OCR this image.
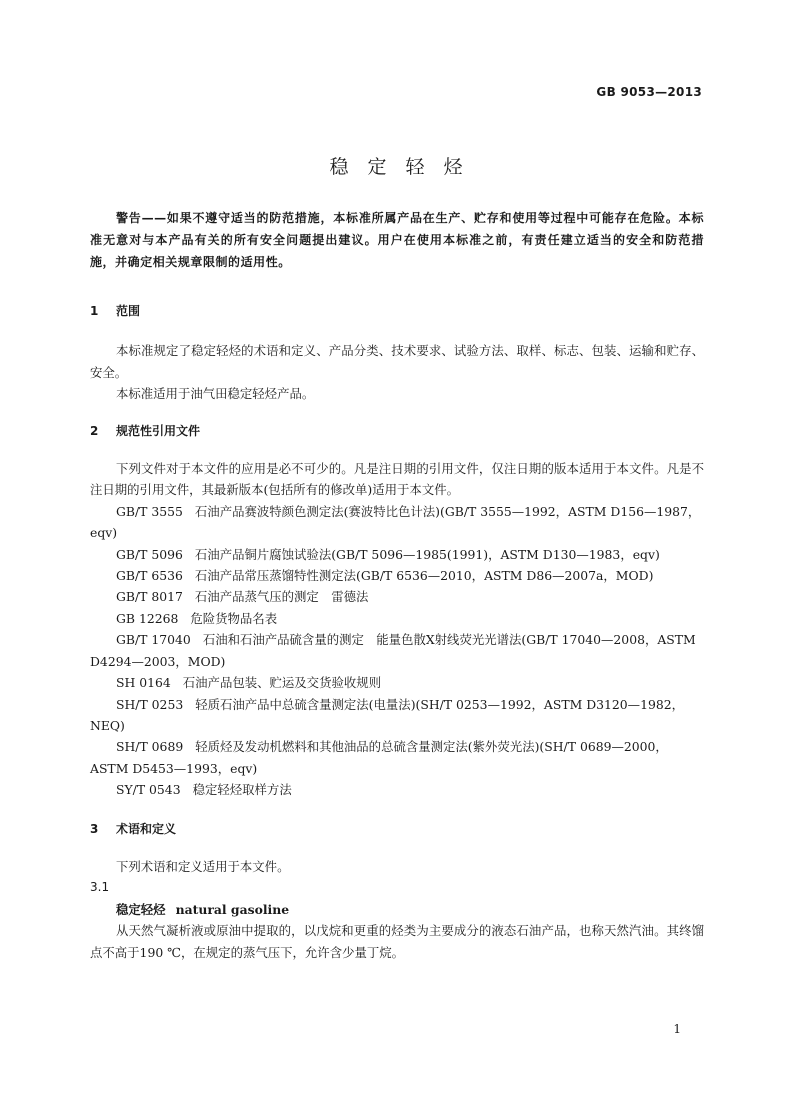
GB 9053—2013
稳定轻烃

警告——如果不遵守适当的防范措施，本标准所属产品在生产、贮存和使用等过程中可能存在危险。本标准无意对与本产品有关的所有安全问题提出建议。用户在使用本标准之前，有责任建立适当的安全和防范措施，并确定相关规章限制的适用性。

1 范围

本标准规定了稳定轻烃的术语和定义、产品分类、技术要求、试验方法、取样、标志、包装、运输和贮存、安全。

本标准适用于油气田稳定轻烃产品。

2 规范性引用文件

下列文件对于本文件的应用是必不可少的。凡是注日期的引用文件，仅注日期的版本适用于本文件。凡是不注日期的引用文件，其最新版本(包括所有的修改单)适用于本文件。

GB/T 3555 石油产品赛波特颜色测定法(赛波特比色计法)(GB/T 3555—1992，ASTM D156—1987，eqv)

GB/T 5096 石油产品铜片腐蚀试验法(GB/T 5096—1985(1991)，ASTM D130—1983，eqv)

GB/T 6536 石油产品常压蒸馏特性测定法(GB/T 6536—2010，ASTM D86—2007a，MOD)

GB/T 8017 石油产品蒸气压的测定　雷德法

GB 12268 危险货物品名表

GB/T 17040 石油和石油产品硫含量的测定　能量色散X射线荧光光谱法(GB/T 17040—2008，ASTM D4294—2003，MOD)

SH 0164 石油产品包装、贮运及交货验收规则

SH/T 0253 轻质石油产品中总硫含量测定法(电量法)(SH/T 0253—1992，ASTM D3120—1982，NEQ)

SH/T 0689 轻质烃及发动机燃料和其他油品的总硫含量测定法(紫外荧光法)(SH/T 0689—2000，ASTM D5453—1993，eqv)

SY/T 0543 稳定轻烃取样方法

3 术语和定义

下列术语和定义适用于本文件。

3.1

稳定轻烃 natural gasoline

从天然气凝析液或原油中提取的，以戊烷和更重的烃类为主要成分的液态石油产品，也称天然汽油。其终馏点不高于190 ℃，在规定的蒸气压下，允许含少量丁烷。

1
